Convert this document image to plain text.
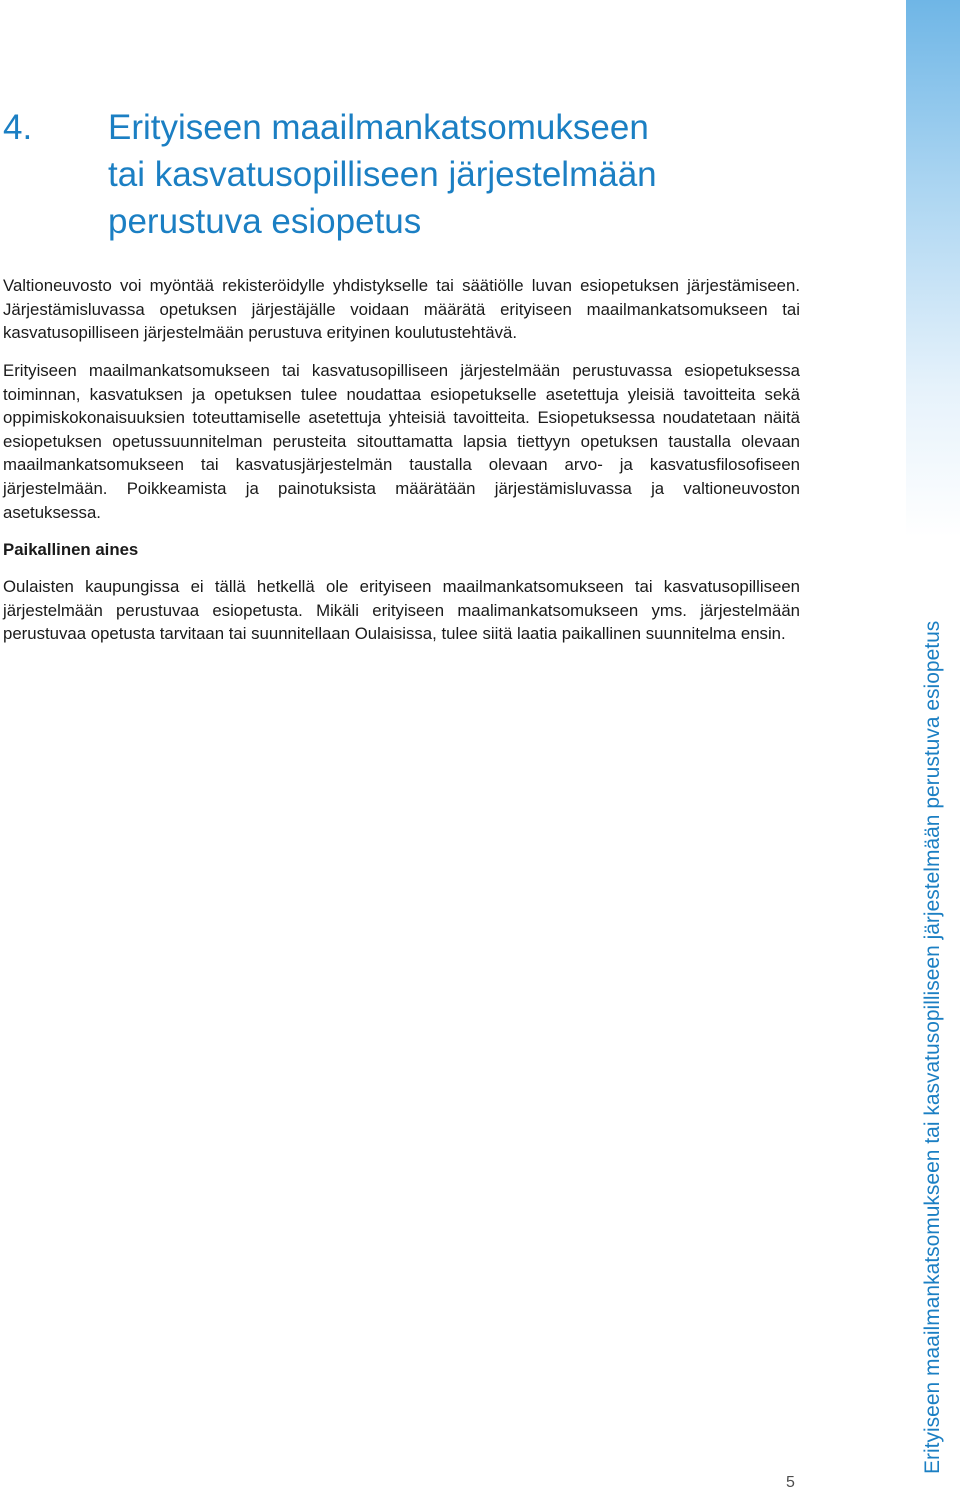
4. Erityiseen maailmankatsomukseen
tai kasvatusopilliseen järjestelmään
perustuva esiopetus

Valtioneuvosto voi myöntää rekisteröidylle yhdistykselle tai säätiölle luvan esiopetuksen järjestämiseen. Järjestämisluvassa opetuksen järjestäjälle voidaan määrätä erityiseen maailmankatsomukseen tai kasvatusopilliseen järjestelmään perustuva erityinen koulutustehtävä.

Erityiseen maailmankatsomukseen tai kasvatusopilliseen järjestelmään perustuvassa esiopetuksessa toiminnan, kasvatuksen ja opetuksen tulee noudattaa esiopetukselle asetettuja yleisiä tavoitteita sekä oppimiskokonaisuuksien toteuttamiselle asetettuja yhteisiä tavoitteita. Esiopetuksessa noudatetaan näitä esiopetuksen opetussuunnitelman perusteita sitouttamatta lapsia tiettyyn opetuksen taustalla olevaan maailmankatsomukseen tai kasvatusjärjestelmän taustalla olevaan arvo- ja kasvatusfilosofiseen järjestelmään. Poikkeamista ja painotuksista määrätään järjestämisluvassa ja valtioneuvoston asetuksessa.

Paikallinen aines

Oulaisten kaupungissa ei tällä hetkellä ole erityiseen maailmankatsomukseen tai kasvatusopilliseen järjestelmään perustuvaa esiopetusta. Mikäli erityiseen maalimankatsomukseen yms. järjestelmään perustuvaa opetusta tarvitaan tai suunnitellaan Oulaisissa, tulee siitä laatia paikallinen suunnitelma ensin.	Erityiseen maailmankatsomukseen tai kasvatusopilliseen järjestelmään perustuva esiopetus
5
